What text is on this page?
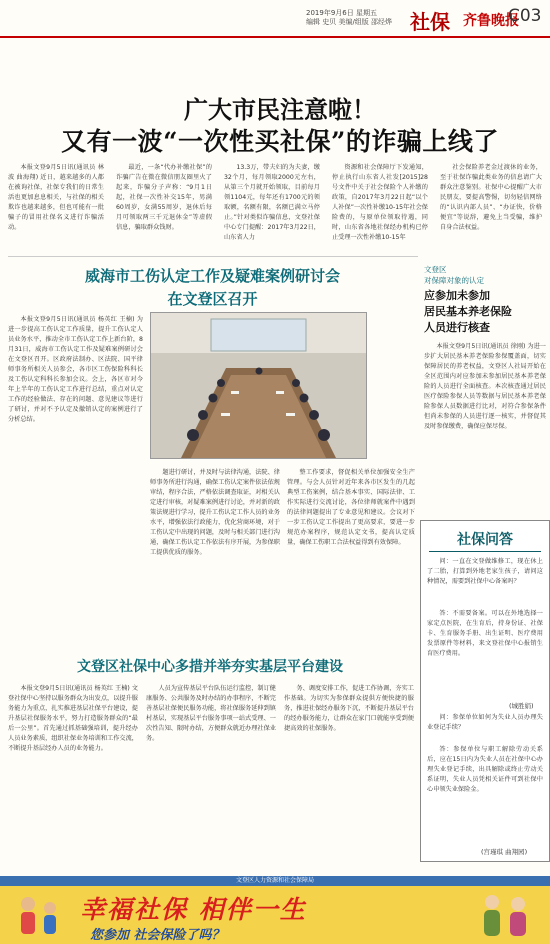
2019年9月6日 星期五
编辑 史贝 美编/组版 邵经烨 社保 齐鲁晚报
C03
广大市民注意啦！
又有一波“一次性买社保”的诈骗上线了

本报文登9月5日讯(通讯员 林波 曲海翔) 近日，越来越多的人都在被询社保，社保专我们的日常生活也更加息息相关，与社保的相关欺诈也越来越多，但也可能有一批骗子的冒用社保名义进行诈骗活动。

最近，一条“代办补缴社保”的诈骗广告在微在微信朋友圈里火了起来，诈骗分子声称：“9月1日起，社保一次性补交15年，男满60周岁，女满55周岁，退休后每月可领取两三千元退休金”等虚假信息，骗取群众钱财。

13.3万，带夫妇的为夫妻，缴32个月，每月领取2000元左右，从第三个月就开始领取，目前每月领1104元，每年还有1700元的领取额，名额有限，名额已满立马停止。”针对类似诈骗信息，文登社保中心专门提醒：2017年3月22日，山东省人力

资源和社会保障厅下发通知，停止执行山东省人社发[2015]28号文件中关于社会保险个人补缴的政策，自2017年3月22日起“以个人补保”一次性补缴10-15年社会保险费的，与原单位领取待遇，同时，山东省各地社保经办机构已停止受理一次性补缴10-15年

社会保险养老金过渡休的业务，至于社保诈骗此类业务的信息请广大群众注意鉴别。社保中心提醒广大市民朋友，要提高警惕，切勿轻信网络的“认识内部人员”、“办证快，价格便宜”等说辞，避免上当受骗，维护自身合法权益。

威海市工伤认定工作及疑难案例研讨会
在文登区召开

本报文登9月5日讯(通讯员 杨英红 王楠) 为进一步提高工伤认定工作质量，提升工伤认定人员业务水平，推动全市工伤认定工作上新台阶，8月31日，威海市工伤认定工作及疑难案例研讨会在文登区召开。区政府法制办、区法院、国平律师事务所相关人员参会，各市区工伤保险科科长及工伤认定科科长参加会议。会上，各区市对今年上半年的工伤认定工作进行总结，重点对认定工作的经验做法、存在的问题、意见建议等进行了研讨，并对不予认定及撤销认定的案例进行了分析总结。

题进行研讨，并及时与法律沟通，法院、律师事务所进行沟通，确保工伤认定案件依法依规审结，程序合法，严格依法调查取证，对相关认定进行审核，对疑难案例进行讨论，并对新的政策法规进行学习，提升工伤认定工作人员的业务水平，增强依法行政能力，优化营商环境，对于工伤认定中出现的问题，及时与相关部门进行沟通，确保工伤认定工作依法有序开展，为参保职工提供优质的服务。

整工作要求，督促相关单位加强安全生产管理。与会人员针对近年来各市区发生的几起典型工伤案例，结合基本事实、国际法律、工作实际进行交流讨论，各位律师就案件中遇到的法律问题提出了专业意见和建议。会议对下一步工伤认定工作提出了更高要求，要进一步规范办案程序，规范认定文书，提高认定质量，确保工伤职工合法权益得到有效保障。

文登区
对保障对象的认定
应参加未参加
居民基本养老保险
人员进行核查

本报文登9月5日讯(通讯员 徐刚) 为进一步扩大居民基本养老保险参保覆盖面，切实保障居民的养老权益，文登区人社局开始在全区范围内对应参加未参加居民基本养老保险的人员进行全面核查。本次核查通过居民医疗保险参保人员等数据与居民基本养老保险参保人员数据进行比对，对符合参保条件但尚未参保的人员进行逐一核实，并督促其及时参保缴费，确保应保尽保。

社保问答

问：一直在文登做维修工，现在休上了二胎，打算到外地老家生孩子，请问这种情况，需要到社保中心备案吗？

答：不需要备案。可以在外地选择一家定点医院，在生育后，持身份证、社保卡、生育服务手册、出生证明、医疗费用发票原件等材料，来文登社保中心报销生育医疗费用。

(城胜娟)

问：参保单位如何为失业人员办理失业登记手续？

答：参保单位与职工解除劳动关系后，应在15日内为失业人员在社保中心办理失业登记手续，出具解除或终止劳动关系证明，失业人员凭相关证件可到社保中心申领失业保险金。

(宫瑾琪 曲翔园)
文登区社保中心多措并举夯实基层平台建设

本报文登9月5日讯(通讯员 杨英红 王楠) 文登社保中心坚持以服务群众为出发点，以提升服务能力为重点，扎实推进基层社保平台建设，提升基层社保服务水平，努力打造服务群众的“最后一公里”。首先通过抓基础强培训，提升经办人员业务素质，组织社保业务培训和工作交流，不断提升基层经办人员的业务能力。

人员为宣传基层平台队伍运行监控，制订健康服务、公共服务及时办结的办事程序，不断完善基层社保便民服务功能，将社保服务延伸到镇村基层，实现基层平台服务事项一站式受理、一次性告知、限时办结，方便群众就近办理社保业务。

务、调度安排工作，促进工作协调，夯实工作基础。为切实为参保群众提供方便快捷的服务，推进社保经办服务下沉，不断提升基层平台的经办服务能力，让群众在家门口就能享受到便捷高效的社保服务。

文登区人力资源和社会保障局
幸福社保 相伴一生
您参加 社会保险了吗？
